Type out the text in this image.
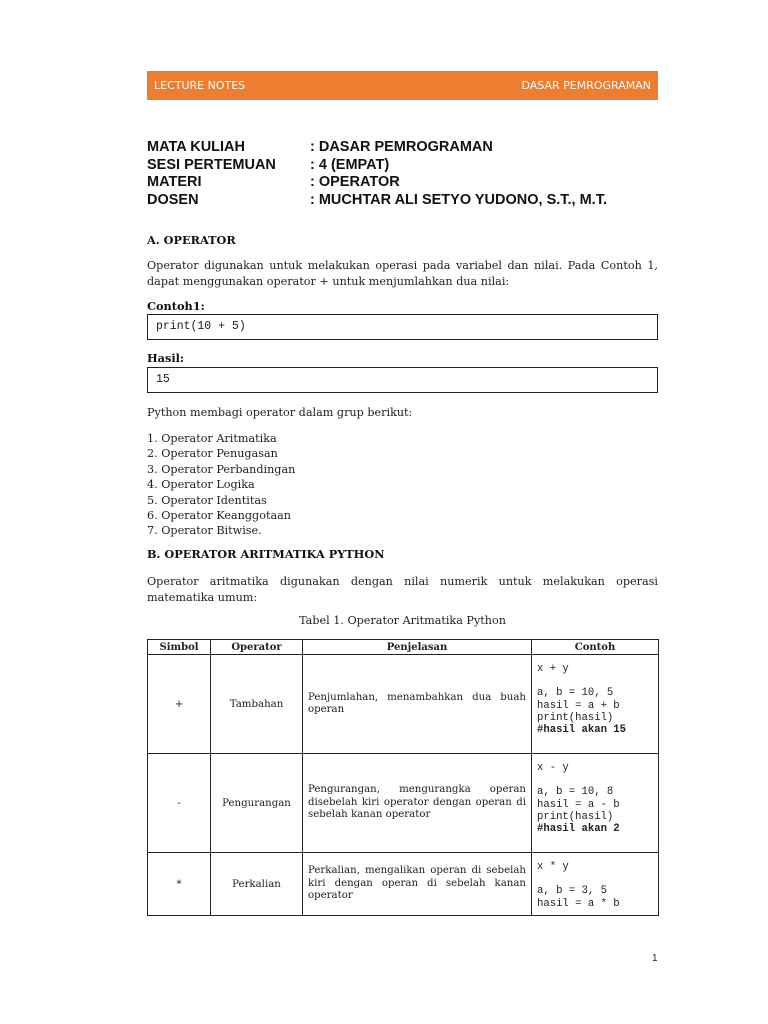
LECTURE NOTES	DASAR PEMROGRAMAN
MATA KULIAH	: DASAR PEMROGRAMAN
SESI PERTEMUAN	: 4 (EMPAT)
MATERI	: OPERATOR
DOSEN	: MUCHTAR ALI SETYO YUDONO, S.T., M.T.
A. OPERATOR
Operator digunakan untuk melakukan operasi pada variabel dan nilai. Pada Contoh 1, dapat menggunakan operator + untuk menjumlahkan dua nilai:
Contoh1:
print(10 + 5)
Hasil:
15
Python membagi operator dalam grup berikut:
1. Operator Aritmatika
2. Operator Penugasan
3. Operator Perbandingan
4. Operator Logika
5. Operator Identitas
6. Operator Keanggotaan
7. Operator Bitwise.
B. OPERATOR ARITMATIKA PYTHON
Operator aritmatika digunakan dengan nilai numerik untuk melakukan operasi matematika umum:
Tabel 1. Operator Aritmatika Python
Simbol	Operator	Penjelasan	Contoh
+	Tambahan	Penjumlahan, menambahkan dua buah operan	x + y
a, b = 10, 5
hasil = a + b
print(hasil)
#hasil akan 15

-	Pengurangan	Pengurangan, mengurangka operan disebelah kiri operator dengan operan di sebelah kanan operator	x - y
a, b = 10, 8
hasil = a - b
print(hasil)
#hasil akan 2

*	Perkalian	Perkalian, mengalikan operan di sebelah kiri dengan operan di sebelah kanan operator	x * y
a, b = 3, 5
hasil = a * b
1
